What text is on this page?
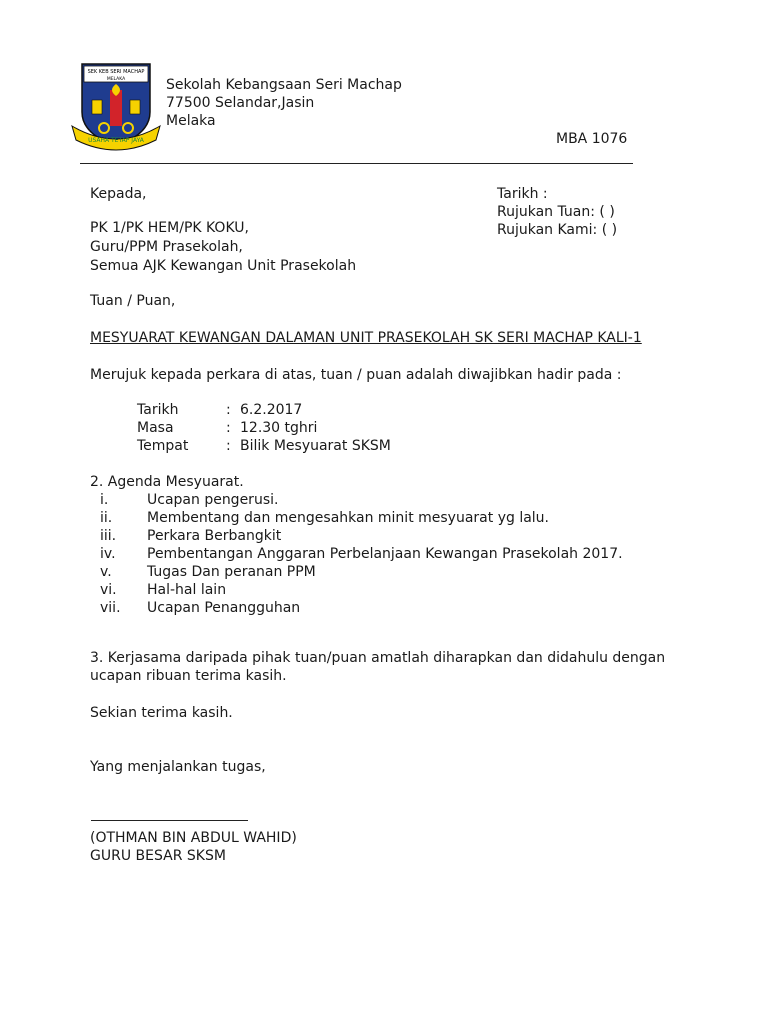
SEK KEB SERI MACHAP
MELAKA
USAHA TETAP JAYA
Sekolah Kebangsaan Seri Machap
77500 Selandar,Jasin
Melaka
MBA 1076
Kepada,
PK 1/PK HEM/PK KOKU,
Guru/PPM Prasekolah,
Semua AJK Kewangan Unit Prasekolah
Tarikh :
Rujukan Tuan: ( )
Rujukan Kami: ( )
Tuan / Puan,
MESYUARAT KEWANGAN DALAMAN UNIT PRASEKOLAH SK SERI MACHAP KALI-1
Merujuk kepada perkara di atas, tuan / puan adalah diwajibkan hadir pada :
Tarikh	: 6.2.2017
Masa	: 12.30 tghri
Tempat	: Bilik Mesyuarat SKSM
2. Agenda Mesyuarat.
i.	Ucapan pengerusi.
ii. Membentang dan mengesahkan minit mesyuarat yg lalu.
iii. Perkara Berbangkit
iv. Pembentangan Anggaran Perbelanjaan Kewangan Prasekolah 2017.
v.	Tugas Dan peranan PPM
vi. Hal-hal lain
vii. Ucapan Penangguhan
3. Kerjasama daripada pihak tuan/puan amatlah diharapkan dan didahulu dengan
ucapan ribuan terima kasih.
Sekian terima kasih.
Yang menjalankan tugas,
(OTHMAN BIN ABDUL WAHID)
GURU BESAR SKSM
